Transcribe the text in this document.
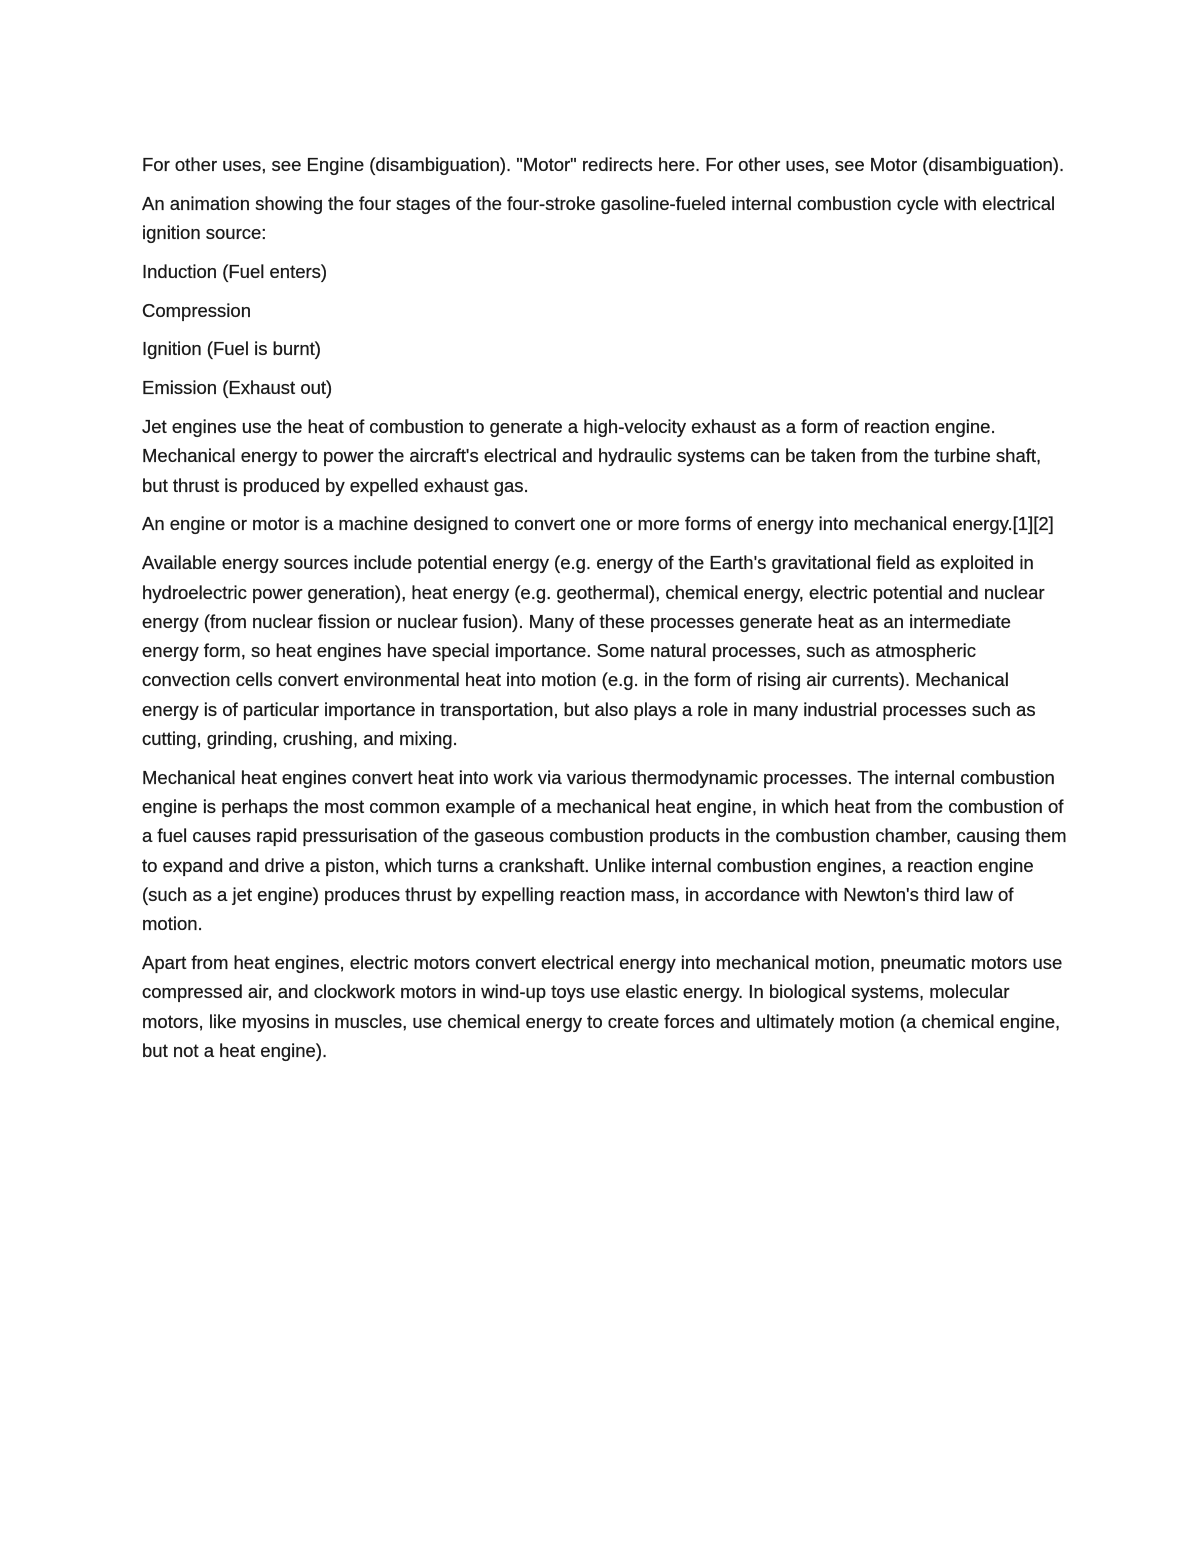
For other uses, see Engine (disambiguation). "Motor" redirects here. For other uses, see Motor (disambiguation).

An animation showing the four stages of the four-stroke gasoline-fueled internal combustion cycle with electrical ignition source:

Induction (Fuel enters)

Compression

Ignition (Fuel is burnt)

Emission (Exhaust out)

Jet engines use the heat of combustion to generate a high-velocity exhaust as a form of reaction engine. Mechanical energy to power the aircraft's electrical and hydraulic systems can be taken from the turbine shaft, but thrust is produced by expelled exhaust gas.

An engine or motor is a machine designed to convert one or more forms of energy into mechanical energy.[1][2]

Available energy sources include potential energy (e.g. energy of the Earth's gravitational field as exploited in hydroelectric power generation), heat energy (e.g. geothermal), chemical energy, electric potential and nuclear energy (from nuclear fission or nuclear fusion). Many of these processes generate heat as an intermediate energy form, so heat engines have special importance. Some natural processes, such as atmospheric convection cells convert environmental heat into motion (e.g. in the form of rising air currents). Mechanical energy is of particular importance in transportation, but also plays a role in many industrial processes such as cutting, grinding, crushing, and mixing.

Mechanical heat engines convert heat into work via various thermodynamic processes. The internal combustion engine is perhaps the most common example of a mechanical heat engine, in which heat from the combustion of a fuel causes rapid pressurisation of the gaseous combustion products in the combustion chamber, causing them to expand and drive a piston, which turns a crankshaft. Unlike internal combustion engines, a reaction engine (such as a jet engine) produces thrust by expelling reaction mass, in accordance with Newton's third law of motion.

Apart from heat engines, electric motors convert electrical energy into mechanical motion, pneumatic motors use compressed air, and clockwork motors in wind-up toys use elastic energy. In biological systems, molecular motors, like myosins in muscles, use chemical energy to create forces and ultimately motion (a chemical engine, but not a heat engine).
